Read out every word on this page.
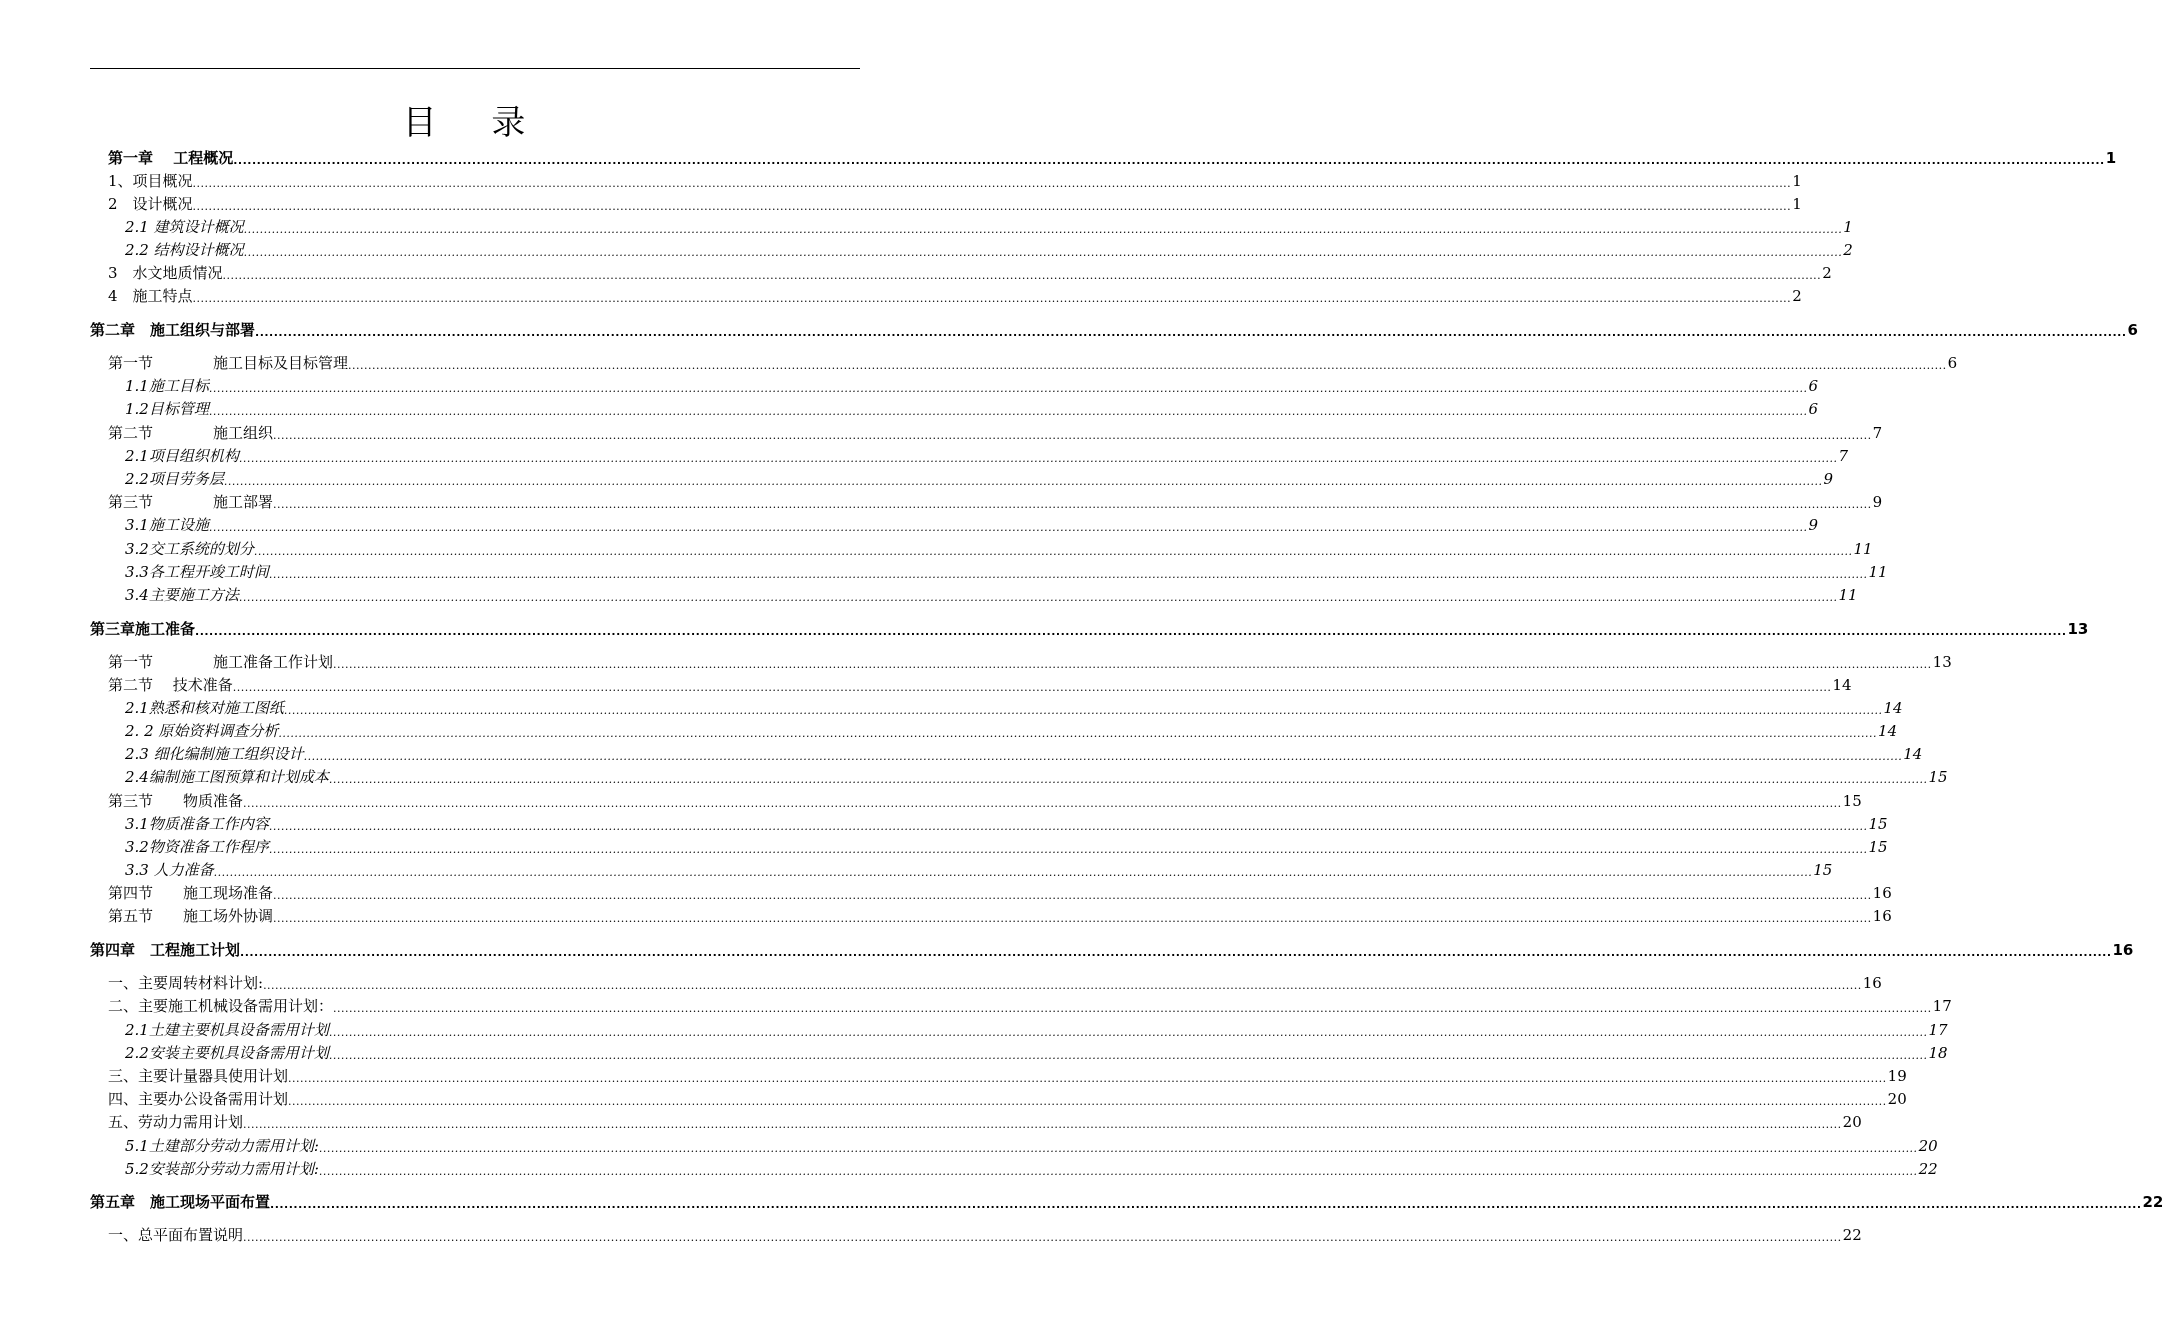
目 录
第一章　 工程概况 ................................................................................................................................................................................................................................................................................................................................................................................................................ 1
1、项目概况 ................................................................................................................................................................................................................................................................................................................................................................................................................ 1
2　设计概况 ................................................................................................................................................................................................................................................................................................................................................................................................................ 1
2.1 建筑设计概况 ................................................................................................................................................................................................................................................................................................................................................................................................................ 1
2.2 结构设计概况 ................................................................................................................................................................................................................................................................................................................................................................................................................ 2
3　水文地质情况 ................................................................................................................................................................................................................................................................................................................................................................................................................ 2
4　施工特点 ................................................................................................................................................................................................................................................................................................................................................................................................................ 2
第二章　施工组织与部署 ................................................................................................................................................................................................................................................................................................................................................................................................................ 6
第一节　　　　施工目标及目标管理 ................................................................................................................................................................................................................................................................................................................................................................................................................ 6
1.1施工目标 ................................................................................................................................................................................................................................................................................................................................................................................................................ 6
1.2目标管理 ................................................................................................................................................................................................................................................................................................................................................................................................................ 6
第二节　　　　施工组织 ................................................................................................................................................................................................................................................................................................................................................................................................................ 7
2.1项目组织机构 ................................................................................................................................................................................................................................................................................................................................................................................................................ 7
2.2项目劳务层 ................................................................................................................................................................................................................................................................................................................................................................................................................ 9
第三节　　　　施工部署 ................................................................................................................................................................................................................................................................................................................................................................................................................ 9
3.1施工设施 ................................................................................................................................................................................................................................................................................................................................................................................................................ 9
3.2交工系统的划分 ................................................................................................................................................................................................................................................................................................................................................................................................................ 11
3.3各工程开竣工时间 ................................................................................................................................................................................................................................................................................................................................................................................................................ 11
3.4主要施工方法 ................................................................................................................................................................................................................................................................................................................................................................................................................ 11
第三章施工准备 ................................................................................................................................................................................................................................................................................................................................................................................................................ 13
第一节　　　　施工准备工作计划 ................................................................................................................................................................................................................................................................................................................................................................................................................ 13
第二节　 技术准备 ................................................................................................................................................................................................................................................................................................................................................................................................................ 14
2.1熟悉和核对施工图纸 ................................................................................................................................................................................................................................................................................................................................................................................................................ 14
2. 2 原始资料调查分析 ................................................................................................................................................................................................................................................................................................................................................................................................................ 14
2.3 细化编制施工组织设计 ................................................................................................................................................................................................................................................................................................................................................................................................................ 14
2.4编制施工图预算和计划成本 ................................................................................................................................................................................................................................................................................................................................................................................................................ 15
第三节　　物质准备 ................................................................................................................................................................................................................................................................................................................................................................................................................ 15
3.1物质准备工作内容 ................................................................................................................................................................................................................................................................................................................................................................................................................ 15
3.2物资准备工作程序 ................................................................................................................................................................................................................................................................................................................................................................................................................ 15
3.3 人力准备 ................................................................................................................................................................................................................................................................................................................................................................................................................ 15
第四节　　施工现场准备 ................................................................................................................................................................................................................................................................................................................................................................................................................ 16
第五节　　施工场外协调 ................................................................................................................................................................................................................................................................................................................................................................................................................ 16
第四章　工程施工计划 ................................................................................................................................................................................................................................................................................................................................................................................................................ 16
一、主要周转材料计划: ................................................................................................................................................................................................................................................................................................................................................................................................................ 16
二、主要施工机械设备需用计划： ................................................................................................................................................................................................................................................................................................................................................................................................................ 17
2.1土建主要机具设备需用计划 ................................................................................................................................................................................................................................................................................................................................................................................................................ 17
2.2安装主要机具设备需用计划 ................................................................................................................................................................................................................................................................................................................................................................................................................ 18
三、主要计量器具使用计划 ................................................................................................................................................................................................................................................................................................................................................................................................................ 19
四、主要办公设备需用计划 ................................................................................................................................................................................................................................................................................................................................................................................................................ 20
五、劳动力需用计划 ................................................................................................................................................................................................................................................................................................................................................................................................................ 20
5.1土建部分劳动力需用计划: ................................................................................................................................................................................................................................................................................................................................................................................................................ 20
5.2安装部分劳动力需用计划: ................................................................................................................................................................................................................................................................................................................................................................................................................ 22
第五章　施工现场平面布置 ................................................................................................................................................................................................................................................................................................................................................................................................................ 22
一、总平面布置说明 ................................................................................................................................................................................................................................................................................................................................................................................................................ 22
